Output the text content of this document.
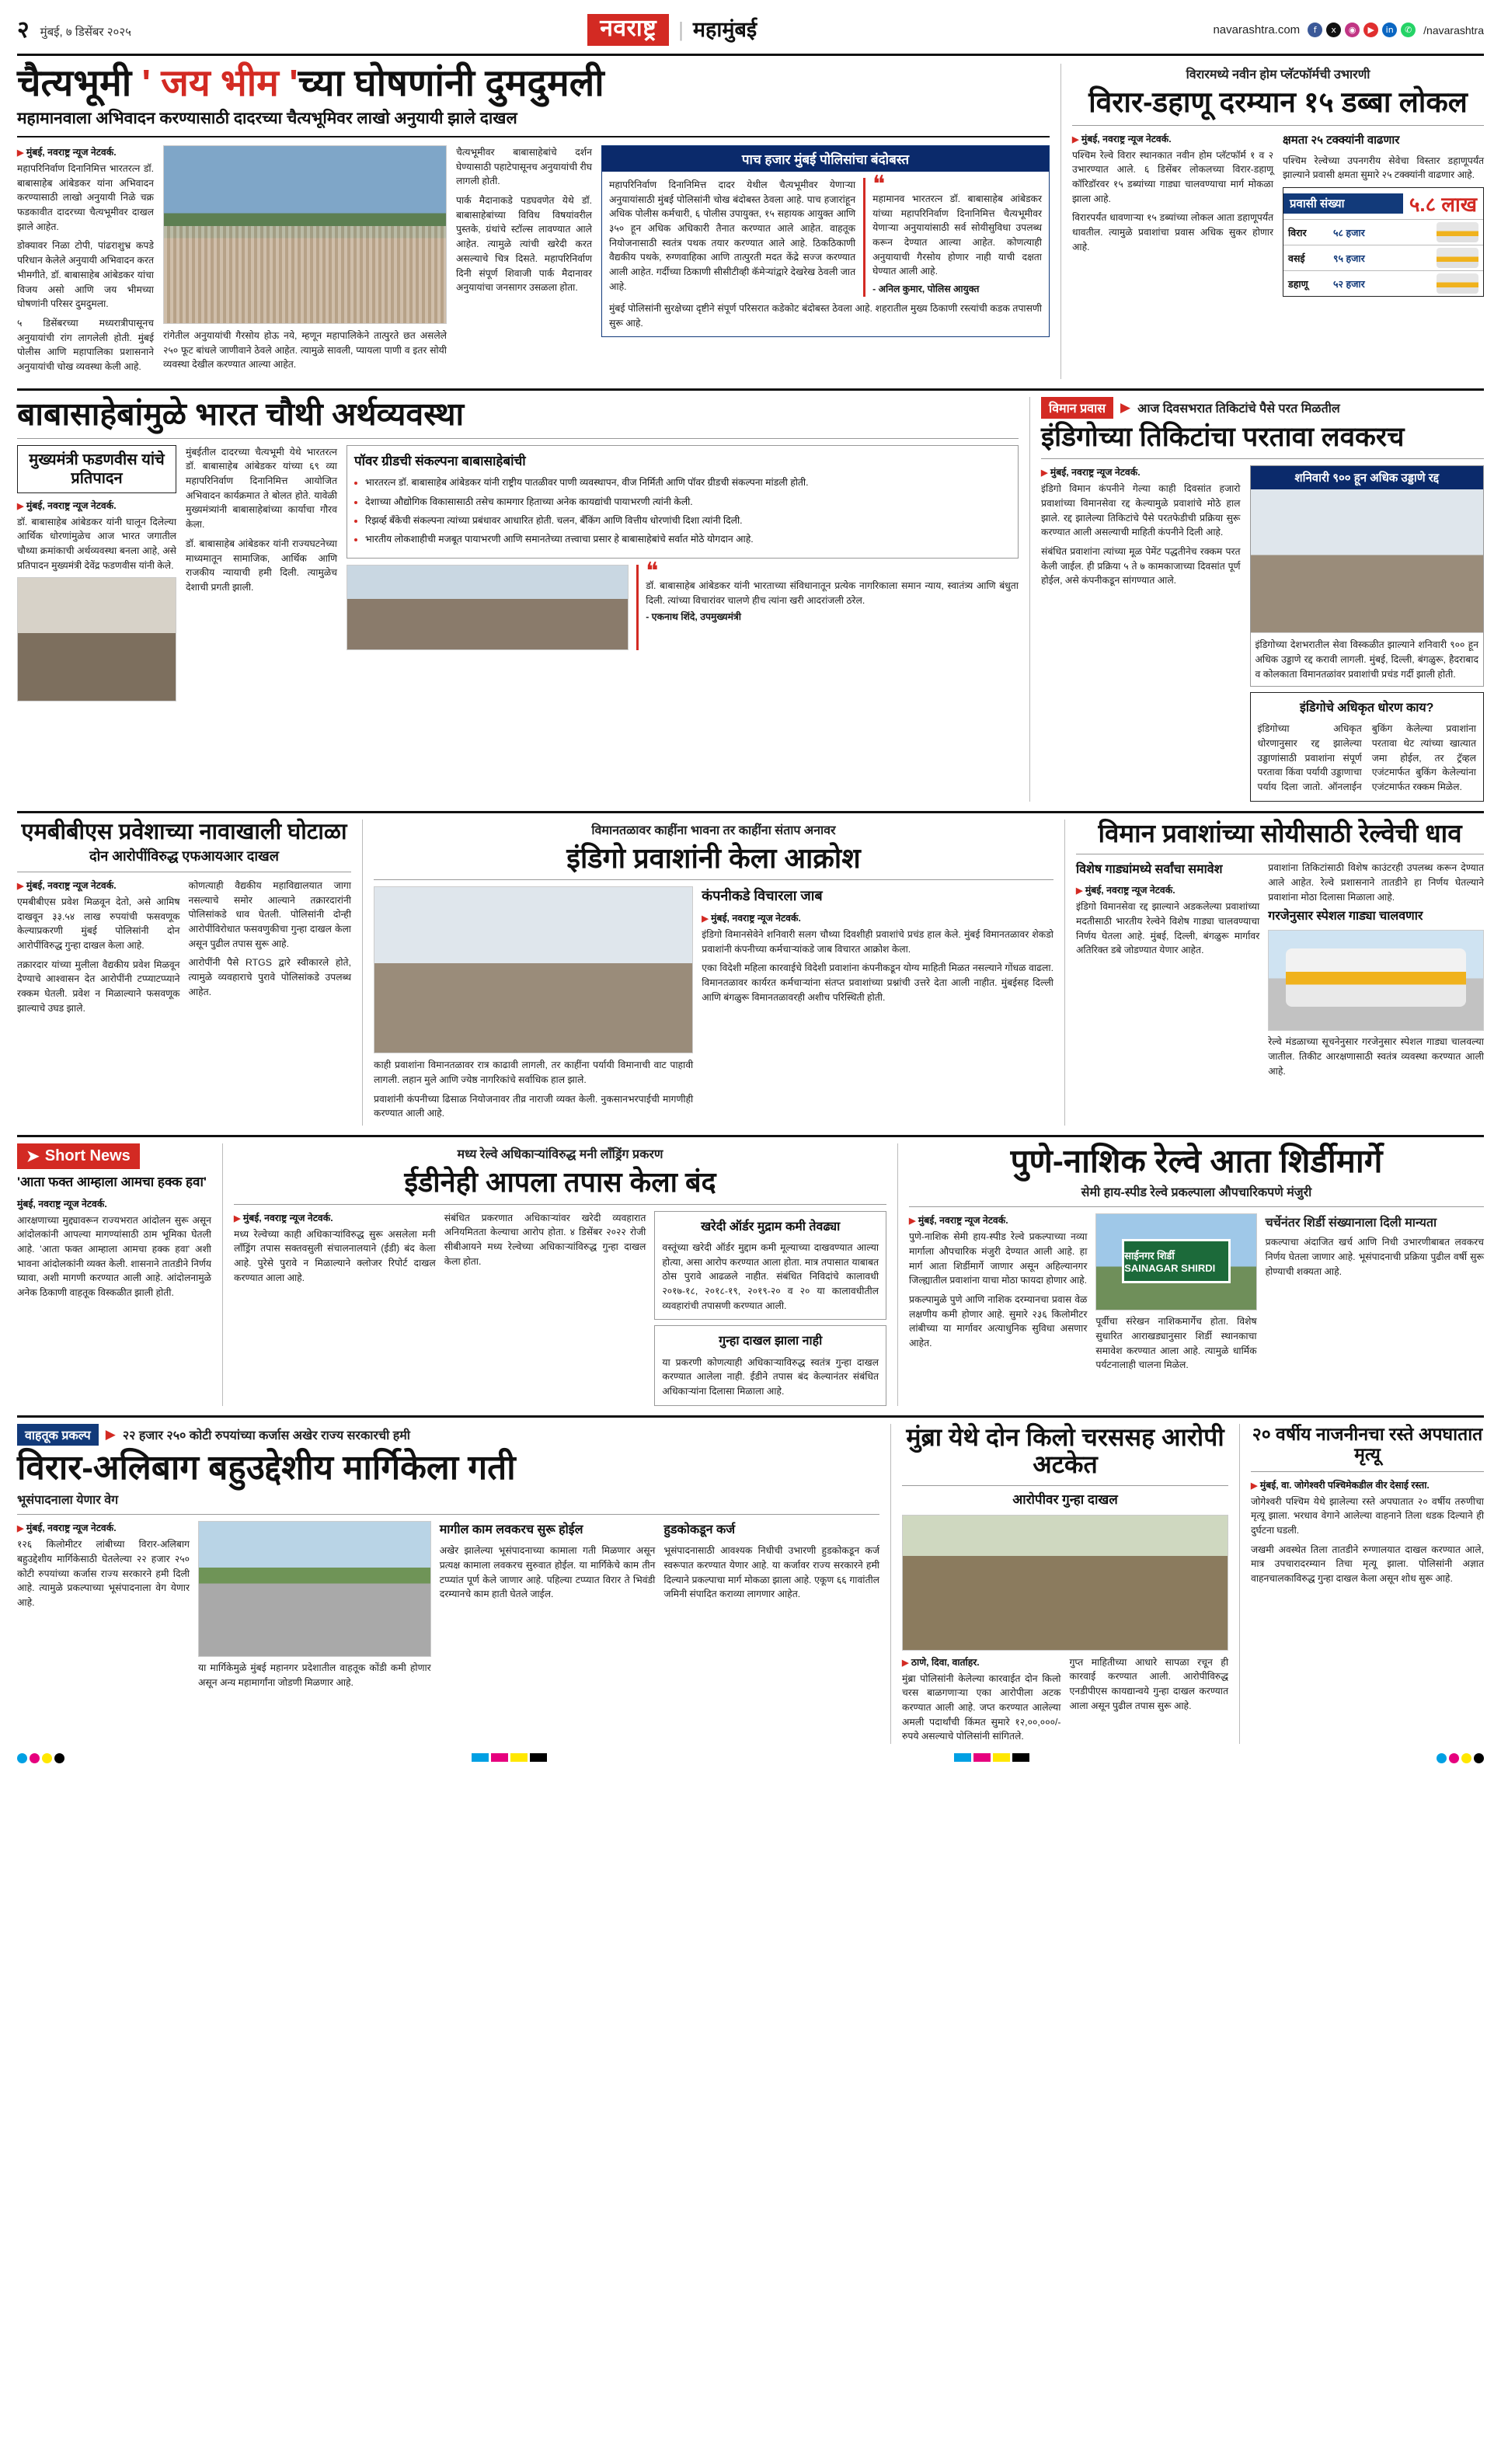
२ मुंबई, ७ डिसेंबर २०२५	नवराष्ट्र	| महामुंबई	navarashtra.com	f	x	◉	▶	in	✆	/navarashtra
चैत्यभूमी ' जय भीम 'च्या घोषणांनी दुमदुमली
महामानवाला अभिवादन करण्यासाठी दादरच्या चैत्यभूमिवर लाखो अनुयायी झाले दाखल
▶ मुंबई, नवराष्ट्र न्यूज नेटवर्क.

महापरिनिर्वाण दिनानिमित्त भारतरत्न डॉ. बाबासाहेब आंबेडकर यांना अभिवादन करण्यासाठी लाखो अनुयायी निळे चक्र फडकावीत दादरच्या चैत्यभूमीवर दाखल झाले आहेत.

डोक्यावर निळा टोपी, पांढराशुभ्र कपडे परिधान केलेले अनुयायी अभिवादन करत भीमगीते, डॉ. बाबासाहेब आंबेडकर यांचा विजय असो आणि जय भीमच्या घोषणांनी परिसर दुमदुमला.

५ डिसेंबरच्या मध्यरात्रीपासूनच अनुयायांची रांग लागलेली होती. मुंबई पोलीस आणि महापालिका प्रशासनाने अनुयायांची चोख व्यवस्था केली आहे.

रांगेतील अनुयायांची गैरसोय होऊ नये, म्हणून महापालिकेने तात्पुरते छत असलेले २५० फूट बांधले जाणीवाने ठेवले आहेत. त्यामुळे सावली, प्यायला पाणी व इतर सोयी व्यवस्था देखील करण्यात आल्या आहेत.

चैत्यभूमीवर बाबासाहेबांचे दर्शन घेण्यासाठी पहाटेपासूनच अनुयायांची रीघ लागली होती.

पार्क मैदानाकडे पडघवणेत येथे डॉ. बाबासाहेबांच्या विविध विषयांवरील पुस्तके, ग्रंथांचे स्टॉल्स लावण्यात आले आहेत. त्यामुळे त्यांची खरेदी करत असल्याचे चित्र दिसते. महापरिनिर्वाण दिनी संपूर्ण शिवाजी पार्क मैदानावर अनुयायांचा जनसागर उसळला होता.

पाच हजार मुंबई पोलिसांचा बंदोबस्त
महापरिनिर्वाण दिनानिमित्त दादर येथील चैत्यभूमीवर येणाऱ्या अनुयायांसाठी मुंबई पोलिसांनी चोख बंदोबस्त ठेवला आहे. पाच हजारांहून अधिक पोलीस कर्मचारी, ६ पोलीस उपायुक्त, १५ सहायक आयुक्त आणि ३५० हून अधिक अधिकारी तैनात करण्यात आले आहेत. वाहतूक नियोजनासाठी स्वतंत्र पथक तयार करण्यात आले आहे. ठिकठिकाणी वैद्यकीय पथके, रुग्णवाहिका आणि तात्पुरती मदत केंद्रे सज्ज करण्यात आली आहेत. गर्दीच्या ठिकाणी सीसीटीव्ही कॅमेऱ्यांद्वारे देखरेख ठेवली जात आहे.
❝
महामानव भारतरत्न डॉ. बाबासाहेब आंबेडकर यांच्या महापरिनिर्वाण दिनानिमित्त चैत्यभूमीवर येणाऱ्या अनुयायांसाठी सर्व सोयीसुविधा उपलब्ध करून देण्यात आल्या आहेत. कोणत्याही अनुयायाची गैरसोय होणार नाही याची दक्षता घेण्यात आली आहे.
- अनिल कुमार, पोलिस आयुक्त
मुंबई पोलिसांनी सुरक्षेच्या दृष्टीने संपूर्ण परिसरात कडेकोट बंदोबस्त ठेवला आहे. शहरातील मुख्य ठिकाणी रस्त्यांची कडक तपासणी सुरू आहे.
विरारमध्ये नवीन होम प्लॅटफॉर्मची उभारणी
विरार-डहाणू दरम्यान १५ डब्बा लोकल
▶ मुंबई, नवराष्ट्र न्यूज नेटवर्क.

पश्चिम रेल्वे विरार स्थानकात नवीन होम प्लॅटफॉर्म १ व २ उभारण्यात आले. ६ डिसेंबर लोकलच्या विरार-डहाणू कॉरिडॉरवर १५ डब्यांच्या गाड्या चालवण्याचा मार्ग मोकळा झाला आहे.

विरारपर्यंत धावणाऱ्या १५ डब्यांच्या लोकल आता डहाणूपर्यंत धावतील. त्यामुळे प्रवाशांचा प्रवास अधिक सुकर होणार आहे.

क्षमता २५ टक्क्यांनी वाढणार
पश्चिम रेल्वेच्या उपनगरीय सेवेचा विस्तार डहाणूपर्यंत झाल्याने प्रवासी क्षमता सुमारे २५ टक्क्यांनी वाढणार आहे.
प्रवासी संख्या	५.८ लाख
विरार	५८ हजार
वसई	९५ हजार
डहाणू	५२ हजार
बाबासाहेबांमुळे भारत चौथी अर्थव्यवस्था
मुख्यमंत्री फडणवीस यांचे प्रतिपादन
▶ मुंबई, नवराष्ट्र न्यूज नेटवर्क.

डॉ. बाबासाहेब आंबेडकर यांनी घालून दिलेल्या आर्थिक धोरणांमुळेच आज भारत जगातील चौथ्या क्रमांकाची अर्थव्यवस्था बनला आहे, असे प्रतिपादन मुख्यमंत्री देवेंद्र फडणवीस यांनी केले.

मुंबईतील दादरच्या चैत्यभूमी येथे भारतरत्न डॉ. बाबासाहेब आंबेडकर यांच्या ६९ व्या महापरिनिर्वाण दिनानिमित्त आयोजित अभिवादन कार्यक्रमात ते बोलत होते. यावेळी मुख्यमंत्र्यांनी बाबासाहेबांच्या कार्याचा गौरव केला.

डॉ. बाबासाहेब आंबेडकर यांनी राज्यघटनेच्या माध्यमातून सामाजिक, आर्थिक आणि राजकीय न्यायाची हमी दिली. त्यामुळेच देशाची प्रगती झाली.

पॉवर ग्रीडची संकल्पना बाबासाहेबांची
• भारतरत्न डॉ. बाबासाहेब आंबेडकर यांनी राष्ट्रीय पातळीवर पाणी व्यवस्थापन, वीज निर्मिती आणि पॉवर ग्रीडची संकल्पना मांडली होती.
• देशाच्या औद्योगिक विकासासाठी तसेच कामगार हिताच्या अनेक कायद्यांची पायाभरणी त्यांनी केली.
• रिझर्व्ह बँकेची संकल्पना त्यांच्या प्रबंधावर आधारित होती. चलन, बँकिंग आणि वित्तीय धोरणांची दिशा त्यांनी दिली.
• भारतीय लोकशाहीची मजबूत पायाभरणी आणि समानतेच्या तत्त्वाचा प्रसार हे बाबासाहेबांचे सर्वात मोठे योगदान आहे.
❝
डॉ. बाबासाहेब आंबेडकर यांनी भारताच्या संविधानातून प्रत्येक नागरिकाला समान न्याय, स्वातंत्र्य आणि बंधुता दिली. त्यांच्या विचारांवर चालणे हीच त्यांना खरी आदरांजली ठरेल.
- एकनाथ शिंदे, उपमुख्यमंत्री
विमान प्रवास	▶ आज दिवसभरात तिकिटांचे पैसे परत मिळतील
इंडिगोच्या तिकिटांचा परतावा लवकरच
▶ मुंबई, नवराष्ट्र न्यूज नेटवर्क.

इंडिगो विमान कंपनीने गेल्या काही दिवसांत हजारो प्रवाशांच्या विमानसेवा रद्द केल्यामुळे प्रवाशांचे मोठे हाल झाले. रद्द झालेल्या तिकिटांचे पैसे परतफेडीची प्रक्रिया सुरू करण्यात आली असल्याची माहिती कंपनीने दिली आहे.

संबंधित प्रवाशांना त्यांच्या मूळ पेमेंट पद्धतीनेच रक्कम परत केली जाईल. ही प्रक्रिया ५ ते ७ कामकाजाच्या दिवसांत पूर्ण होईल, असे कंपनीकडून सांगण्यात आले.

शनिवारी ९०० हून अधिक उड्डाणे रद्द
इंडिगोच्या देशभरातील सेवा विस्कळीत झाल्याने शनिवारी ९०० हून अधिक उड्डाणे रद्द करावी लागली. मुंबई, दिल्ली, बंगळुरू, हैदराबाद व कोलकाता विमानतळांवर प्रवाशांची प्रचंड गर्दी झाली होती.
इंडिगोचे अधिकृत धोरण काय?
इंडिगोच्या अधिकृत धोरणानुसार रद्द झालेल्या उड्डाणांसाठी प्रवाशांना संपूर्ण परतावा किंवा पर्यायी उड्डाणाचा पर्याय दिला जातो. ऑनलाईन बुकिंग केलेल्या प्रवाशांना परतावा थेट त्यांच्या खात्यात जमा होईल, तर ट्रॅव्हल एजंटमार्फत बुकिंग केलेल्यांना एजंटमार्फत रक्कम मिळेल.
एमबीबीएस प्रवेशाच्या नावाखाली घोटाळा
दोन आरोपींविरुद्ध एफआयआर दाखल
▶ मुंबई, नवराष्ट्र न्यूज नेटवर्क.

एमबीबीएस प्रवेश मिळवून देतो, असे आमिष दाखवून ३३.५४ लाख रुपयांची फसवणूक केल्याप्रकरणी मुंबई पोलिसांनी दोन आरोपींविरुद्ध गुन्हा दाखल केला आहे.

तक्रारदार यांच्या मुलीला वैद्यकीय प्रवेश मिळवून देण्याचे आश्वासन देत आरोपींनी टप्प्याटप्प्याने रक्कम घेतली. प्रवेश न मिळाल्याने फसवणूक झाल्याचे उघड झाले.

कोणत्याही वैद्यकीय महाविद्यालयात जागा नसल्याचे समोर आल्याने तक्रारदारांनी पोलिसांकडे धाव घेतली. पोलिसांनी दोन्ही आरोपींविरोधात फसवणुकीचा गुन्हा दाखल केला असून पुढील तपास सुरू आहे.

आरोपींनी पैसे RTGS द्वारे स्वीकारले होते, त्यामुळे व्यवहाराचे पुरावे पोलिसांकडे उपलब्ध आहेत.

विमानतळावर काहींना भावना तर काहींना संताप अनावर
इंडिगो प्रवाशांनी केला आक्रोश

काही प्रवाशांना विमानतळावर रात्र काढावी लागली, तर काहींना पर्यायी विमानाची वाट पाहावी लागली. लहान मुले आणि ज्येष्ठ नागरिकांचे सर्वाधिक हाल झाले.

प्रवाशांनी कंपनीच्या ढिसाळ नियोजनावर तीव्र नाराजी व्यक्त केली. नुकसानभरपाईची मागणीही करण्यात आली आहे.

कंपनीकडे विचारला जाब
▶ मुंबई, नवराष्ट्र न्यूज नेटवर्क.

इंडिगो विमानसेवेने शनिवारी सलग चौथ्या दिवशीही प्रवाशांचे प्रचंड हाल केले. मुंबई विमानतळावर शेकडो प्रवाशांनी कंपनीच्या कर्मचाऱ्यांकडे जाब विचारत आक्रोश केला.

एका विदेशी महिला कारवाईचे विदेशी प्रवाशांना कंपनीकडून योग्य माहिती मिळत नसल्याने गोंधळ वाढला. विमानतळावर कार्यरत कर्मचाऱ्यांना संतप्त प्रवाशांच्या प्रश्नांची उत्तरे देता आली नाहीत. मुंबईसह दिल्ली आणि बंगळुरू विमानतळावरही अशीच परिस्थिती होती.

विमान प्रवाशांच्या सोयीसाठी रेल्वेची धाव
विशेष गाड्यांमध्ये सर्वांचा समावेश
▶ मुंबई, नवराष्ट्र न्यूज नेटवर्क.

इंडिगो विमानसेवा रद्द झाल्याने अडकलेल्या प्रवाशांच्या मदतीसाठी भारतीय रेल्वेने विशेष गाड्या चालवण्याचा निर्णय घेतला आहे. मुंबई, दिल्ली, बंगळुरू मार्गावर अतिरिक्त डबे जोडण्यात येणार आहेत.

प्रवाशांना तिकिटांसाठी विशेष काउंटरही उपलब्ध करून देण्यात आले आहेत. रेल्वे प्रशासनाने तातडीने हा निर्णय घेतल्याने प्रवाशांना मोठा दिलासा मिळाला आहे.

गरजेनुसार स्पेशल गाड्या चालवणार
रेल्वे मंडळाच्या सूचनेनुसार गरजेनुसार स्पेशल गाड्या चालवल्या जातील. तिकीट आरक्षणासाठी स्वतंत्र व्यवस्था करण्यात आली आहे.
➤ Short News
'आता फक्त आम्हाला आमचा हक्क हवा'
मुंबई, नवराष्ट्र न्यूज नेटवर्क.
आरक्षणाच्या मुद्द्यावरून राज्यभरात आंदोलन सुरू असून आंदोलकांनी आपल्या मागण्यांसाठी ठाम भूमिका घेतली आहे. 'आता फक्त आम्हाला आमचा हक्क हवा' अशी भावना आंदोलकांनी व्यक्त केली. शासनाने तातडीने निर्णय घ्यावा, अशी मागणी करण्यात आली आहे. आंदोलनामुळे अनेक ठिकाणी वाहतूक विस्कळीत झाली होती.
मध्य रेल्वे अधिकाऱ्यांविरुद्ध मनी लाँड्रिंग प्रकरण
ईडीनेही आपला तपास केला बंद
▶ मुंबई, नवराष्ट्र न्यूज नेटवर्क.

मध्य रेल्वेच्या काही अधिकाऱ्यांविरुद्ध सुरू असलेला मनी लाँड्रिंग तपास सक्तवसुली संचालनालयाने (ईडी) बंद केला आहे. पुरेसे पुरावे न मिळाल्याने क्लोजर रिपोर्ट दाखल करण्यात आला आहे.

संबंधित प्रकरणात अधिकाऱ्यांवर खरेदी व्यवहारात अनियमितता केल्याचा आरोप होता. ४ डिसेंबर २०२२ रोजी सीबीआयने मध्य रेल्वेच्या अधिकाऱ्यांविरुद्ध गुन्हा दाखल केला होता.

खरेदी ऑर्डर मुद्राम कमी तेवढ्या
वस्तूंच्या खरेदी ऑर्डर मुद्दाम कमी मूल्याच्या दाखवण्यात आल्या होत्या, असा आरोप करण्यात आला होता. मात्र तपासात याबाबत ठोस पुरावे आढळले नाहीत. संबंधित निविदांचे कालावधी २०१७-१८, २०१८-१९, २०१९-२० व २० या कालावधीतील व्यवहारांची तपासणी करण्यात आली.
गुन्हा दाखल झाला नाही
या प्रकरणी कोणत्याही अधिकाऱ्याविरुद्ध स्वतंत्र गुन्हा दाखल करण्यात आलेला नाही. ईडीने तपास बंद केल्यानंतर संबंधित अधिकाऱ्यांना दिलासा मिळाला आहे.
पुणे-नाशिक रेल्वे आता शिर्डीमार्गे
सेमी हाय-स्पीड रेल्वे प्रकल्पाला औपचारिकपणे मंजुरी
▶ मुंबई, नवराष्ट्र न्यूज नेटवर्क.

पुणे-नाशिक सेमी हाय-स्पीड रेल्वे प्रकल्पाच्या नव्या मार्गाला औपचारिक मंजुरी देण्यात आली आहे. हा मार्ग आता शिर्डीमार्गे जाणार असून अहिल्यानगर जिल्ह्यातील प्रवाशांना याचा मोठा फायदा होणार आहे.

प्रकल्पामुळे पुणे आणि नाशिक दरम्यानचा प्रवास वेळ लक्षणीय कमी होणार आहे. सुमारे २३६ किलोमीटर लांबीच्या या मार्गावर अत्याधुनिक सुविधा असणार आहेत.

साईनगर शिर्डी SAINAGAR SHIRDI

पूर्वीचा संरेखन नाशिकमार्गेच होता. विशेष सुधारित आराखड्यानुसार शिर्डी स्थानकाचा समावेश करण्यात आला आहे. त्यामुळे धार्मिक पर्यटनालाही चालना मिळेल.

चर्चेनंतर शिर्डी संख्यानाला दिली मान्यता

प्रकल्पाचा अंदाजित खर्च आणि निधी उभारणीबाबत लवकरच निर्णय घेतला जाणार आहे. भूसंपादनाची प्रक्रिया पुढील वर्षी सुरू होण्याची शक्यता आहे.

वाहतूक प्रकल्प	▶ २२ हजार २५० कोटी रुपयांच्या कर्जास अखेर राज्य सरकारची हमी
विरार-अलिबाग बहुउद्देशीय मार्गिकेला गती
भूसंपादनाला येणार वेग
▶ मुंबई, नवराष्ट्र न्यूज नेटवर्क.

१२६ किलोमीटर लांबीच्या विरार-अलिबाग बहुउद्देशीय मार्गिकेसाठी घेतलेल्या २२ हजार २५० कोटी रुपयांच्या कर्जास राज्य सरकारने हमी दिली आहे. त्यामुळे प्रकल्पाच्या भूसंपादनाला वेग येणार आहे.

या मार्गिकेमुळे मुंबई महानगर प्रदेशातील वाहतूक कोंडी कमी होणार असून अन्य महामार्गांना जोडणी मिळणार आहे.

मागील काम लवकरच सुरू होईल
अखेर झालेल्या भूसंपादनाच्या कामाला गती मिळणार असून प्रत्यक्ष कामाला लवकरच सुरुवात होईल. या मार्गिकेचे काम तीन टप्प्यांत पूर्ण केले जाणार आहे. पहिल्या टप्प्यात विरार ते भिवंडी दरम्यानचे काम हाती घेतले जाईल.
हुडकोकडून कर्ज
भूसंपादनासाठी आवश्यक निधीची उभारणी हुडकोकडून कर्ज स्वरूपात करण्यात येणार आहे. या कर्जावर राज्य सरकारने हमी दिल्याने प्रकल्पाचा मार्ग मोकळा झाला आहे. एकूण ६६ गावांतील जमिनी संपादित कराव्या लागणार आहेत.
मुंब्रा येथे दोन किलो चरससह आरोपी अटकेत
आरोपीवर गुन्हा दाखल
▶ ठाणे, दिवा, वार्ताहर.
मुंब्रा पोलिसांनी केलेल्या कारवाईत दोन किलो चरस बाळगणाऱ्या एका आरोपीला अटक करण्यात आली आहे. जप्त करण्यात आलेल्या अमली पदार्थांची किंमत सुमारे १२,००,०००/- रुपये असल्याचे पोलिसांनी सांगितले.
गुप्त माहितीच्या आधारे सापळा रचून ही कारवाई करण्यात आली. आरोपीविरुद्ध एनडीपीएस कायद्यान्वये गुन्हा दाखल करण्यात आला असून पुढील तपास सुरू आहे.
२० वर्षीय नाजनीनचा रस्ते अपघातात मृत्यू
▶ मुंबई, वा. जोगेश्वरी पश्चिमेकडील वीर देसाई रस्ता.

जोगेश्वरी पश्चिम येथे झालेल्या रस्ते अपघातात २० वर्षीय तरुणीचा मृत्यू झाला. भरधाव वेगाने आलेल्या वाहनाने तिला धडक दिल्याने ही दुर्घटना घडली.

जखमी अवस्थेत तिला तातडीने रुग्णालयात दाखल करण्यात आले, मात्र उपचारादरम्यान तिचा मृत्यू झाला. पोलिसांनी अज्ञात वाहनचालकाविरुद्ध गुन्हा दाखल केला असून शोध सुरू आहे.
